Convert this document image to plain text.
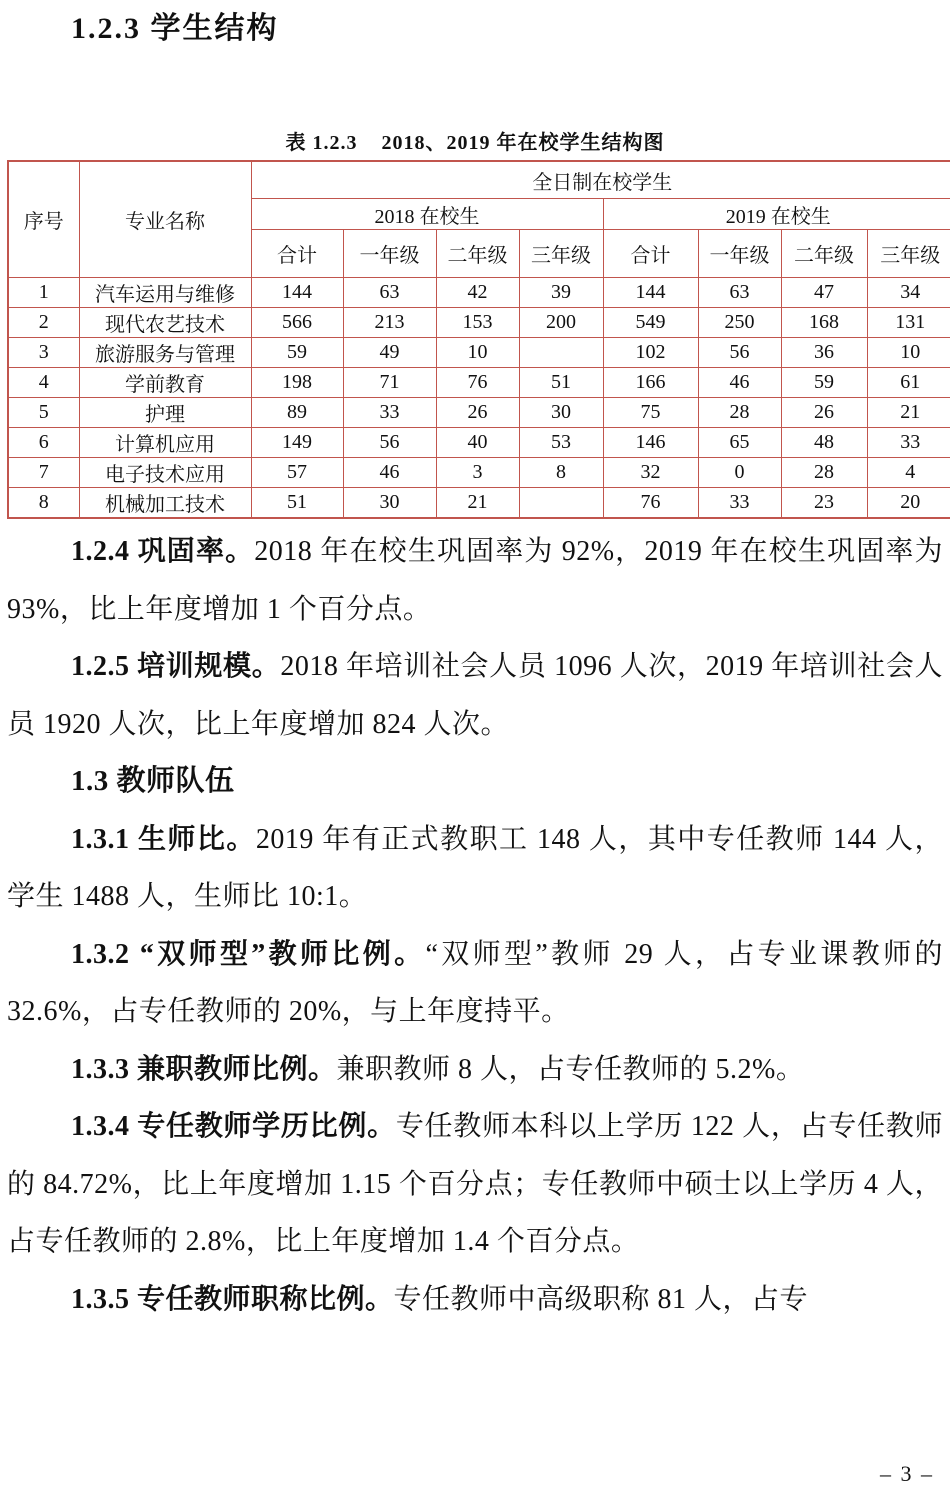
1.2.3 学生结构
表 1.2.3    2018、2019 年在校学生结构图
序号	专业名称	全日制在校学生							
		2018 在校生				2019 在校生			
		合计	一年级	二年级	三年级	合计	一年级	二年级	三年级
1	汽车运用与维修	144	63	42	39	144	63	47	34
2	现代农艺技术	566	213	153	200	549	250	168	131
3	旅游服务与管理	59	49	10		102	56	36	10
4	学前教育	198	71	76	51	166	46	59	61
5	护理	89	33	26	30	75	28	26	21
6	计算机应用	149	56	40	53	146	65	48	33
7	电子技术应用	57	46	3	8	32	0	28	4
8	机械加工技术	51	30	21		76	33	23	20

1.2.4 巩固率。2018 年在校生巩固率为 92%，2019 年在校生巩固率为 93%，比上年度增加 1 个百分点。

1.2.5 培训规模。2018 年培训社会人员 1096 人次，2019 年培训社会人员 1920 人次，比上年度增加 824 人次。

1.3 教师队伍

1.3.1 生师比。2019 年有正式教职工 148 人，其中专任教师 144 人，学生 1488 人，生师比 10:1。

1.3.2 “双师型”教师比例。“双师型”教师 29 人，占专业课教师的 32.6%，占专任教师的 20%，与上年度持平。

1.3.3 兼职教师比例。兼职教师 8 人，占专任教师的 5.2%。

1.3.4 专任教师学历比例。专任教师本科以上学历 122 人，占专任教师的 84.72%，比上年度增加 1.15 个百分点；专任教师中硕士以上学历 4 人，占专任教师的 2.8%，比上年度增加 1.4 个百分点。

1.3.5 专任教师职称比例。专任教师中高级职称 81 人，占专

– 3 –
